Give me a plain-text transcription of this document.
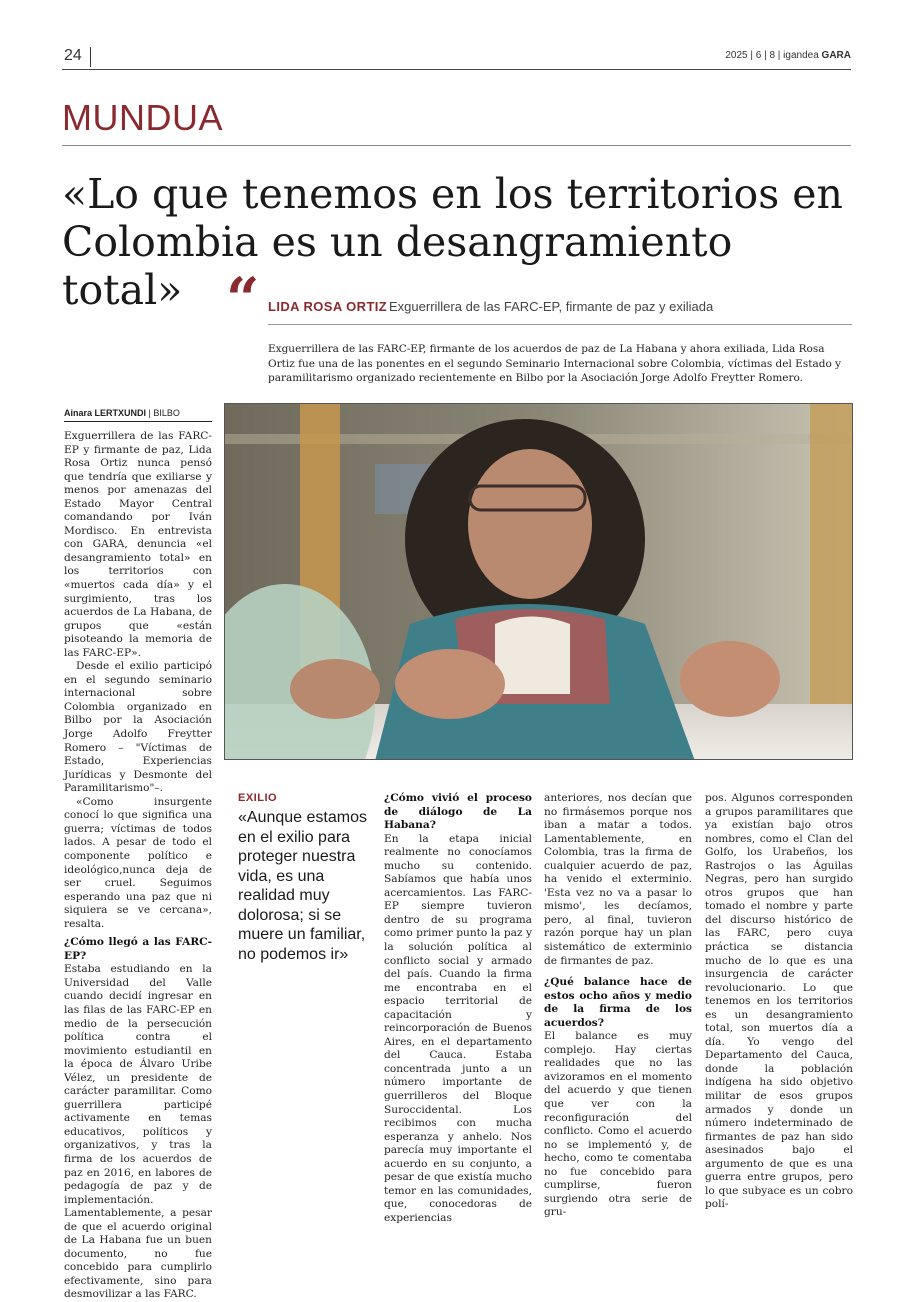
24	2025 | 6 | 8 | igandea GARA
MUNDUA
«Lo que tenemos en los territorios en Colombia es un desangramiento total» “ LIDA ROSA ORTIZ Exguerrillera de las FARC-EP, firmante de paz y exiliada
Exguerrillera de las FARC-EP, firmante de los acuerdos de paz de La Habana y ahora exiliada, Lida Rosa Ortiz fue una de las ponentes en el segundo Seminario Internacional sobre Colombia, víctimas del Estado y paramilitarismo organizado recientemente en Bilbo por la Asociación Jorge Adolfo Freytter Romero.
Ainara LERTXUNDI | BILBO

Exguerrillera de las FARC-EP y firmante de paz, Lida Rosa Ortiz nunca pensó que tendría que exiliarse y menos por amenazas del Estado Mayor Central comandando por Iván Mordisco. En entrevista con GARA, denuncia «el desangramiento total» en los territorios con «muertos cada día» y el surgimiento, tras los acuerdos de La Habana, de grupos que «están pisoteando la memoria de las FARC-EP».

Desde el exilio participó en el segundo seminario internacional sobre Colombia organizado en Bilbo por la Asociación Jorge Adolfo Freytter Romero – "Víctimas de Estado, Experiencias Jurídicas y Desmonte del Paramilitarismo"–.

«Como insurgente conocí lo que significa una guerra; víctimas de todos lados. A pesar de todo el componente político e ideológico,nunca deja de ser cruel. Seguimos esperando una paz que ni siquiera se ve cercana», resalta.

¿Cómo llegó a las FARC-EP?

Estaba estudiando en la Universidad del Valle cuando decidí ingresar en las filas de las FARC-EP en medio de la persecución política contra el movimiento estudiantil en la época de Álvaro Uribe Vélez, un presidente de carácter paramilitar. Como guerrillera participé activamente en temas educativos, políticos y organizativos, y tras la firma de los acuerdos de paz en 2016, en labores de pedagogía de paz y de implementación. Lamentablemente, a pesar de que el acuerdo original de La Habana fue un buen documento, no fue concebido para cumplirlo efectivamente, sino para desmovilizar a las FARC.

EXILIO
«Aunque estamos en el exilio para proteger nuestra vida, es una realidad muy dolorosa; si se muere un familiar, no podemos ir»

¿Cómo vivió el proceso de diálogo de La Habana?

En la etapa inicial realmente no conocíamos mucho su contenido. Sabíamos que había unos acercamientos. Las FARC-EP siempre tuvieron dentro de su programa como primer punto la paz y la solución política al conflicto social y armado del país. Cuando la firma me encontraba en el espacio territorial de capacitación y reincorporación de Buenos Aires, en el departamento del Cauca. Estaba concentrada junto a un número importante de guerrilleros del Bloque Suroccidental. Los recibimos con mucha esperanza y anhelo. Nos parecía muy importante el acuerdo en su conjunto, a pesar de que existía mucho temor en las comunidades, que, conocedoras de experiencias

anteriores, nos decían que no firmásemos porque nos iban a matar a todos. Lamentablemente, en Colombia, tras la firma de cualquier acuerdo de paz, ha venido el exterminio. 'Esta vez no va a pasar lo mismo', les decíamos, pero, al final, tuvieron razón porque hay un plan sistemático de exterminio de firmantes de paz.

¿Qué balance hace de estos ocho años y medio de la firma de los acuerdos?

El balance es muy complejo. Hay ciertas realidades que no las avizoramos en el momento del acuerdo y que tienen que ver con la reconfiguración del conflicto. Como el acuerdo no se implementó y, de hecho, como te comentaba no fue concebido para cumplirse, fueron surgiendo otra serie de gru-

pos. Algunos corresponden a grupos paramilitares que ya existían bajo otros nombres, como el Clan del Golfo, los Urabeños, los Rastrojos o las Águilas Negras, pero han surgido otros grupos que han tomado el nombre y parte del discurso histórico de las FARC, pero cuya práctica se distancia mucho de lo que es una insurgencia de carácter revolucionario. Lo que tenemos en los territorios es un desangramiento total, son muertos día a día. Yo vengo del Departamento del Cauca, donde la población indígena ha sido objetivo militar de esos grupos armados y donde un número indeterminado de firmantes de paz han sido asesinados bajo el argumento de que es una guerra entre grupos, pero lo que subyace es un cobro polí-
